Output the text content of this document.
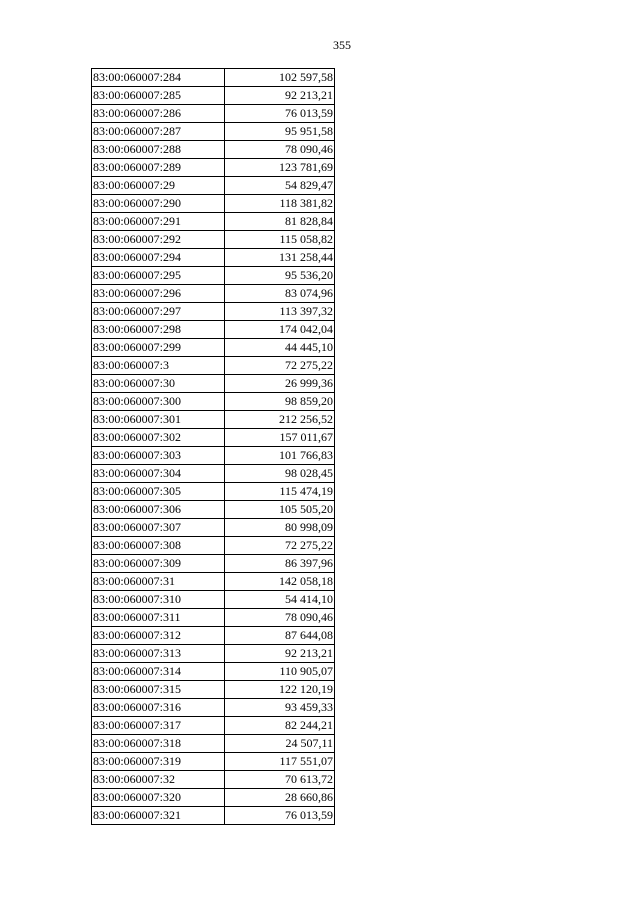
355
83:00:060007:284	102 597,58
83:00:060007:285	92 213,21
83:00:060007:286	76 013,59
83:00:060007:287	95 951,58
83:00:060007:288	78 090,46
83:00:060007:289	123 781,69
83:00:060007:29	54 829,47
83:00:060007:290	118 381,82
83:00:060007:291	81 828,84
83:00:060007:292	115 058,82
83:00:060007:294	131 258,44
83:00:060007:295	95 536,20
83:00:060007:296	83 074,96
83:00:060007:297	113 397,32
83:00:060007:298	174 042,04
83:00:060007:299	44 445,10
83:00:060007:3	72 275,22
83:00:060007:30	26 999,36
83:00:060007:300	98 859,20
83:00:060007:301	212 256,52
83:00:060007:302	157 011,67
83:00:060007:303	101 766,83
83:00:060007:304	98 028,45
83:00:060007:305	115 474,19
83:00:060007:306	105 505,20
83:00:060007:307	80 998,09
83:00:060007:308	72 275,22
83:00:060007:309	86 397,96
83:00:060007:31	142 058,18
83:00:060007:310	54 414,10
83:00:060007:311	78 090,46
83:00:060007:312	87 644,08
83:00:060007:313	92 213,21
83:00:060007:314	110 905,07
83:00:060007:315	122 120,19
83:00:060007:316	93 459,33
83:00:060007:317	82 244,21
83:00:060007:318	24 507,11
83:00:060007:319	117 551,07
83:00:060007:32	70 613,72
83:00:060007:320	28 660,86
83:00:060007:321	76 013,59
